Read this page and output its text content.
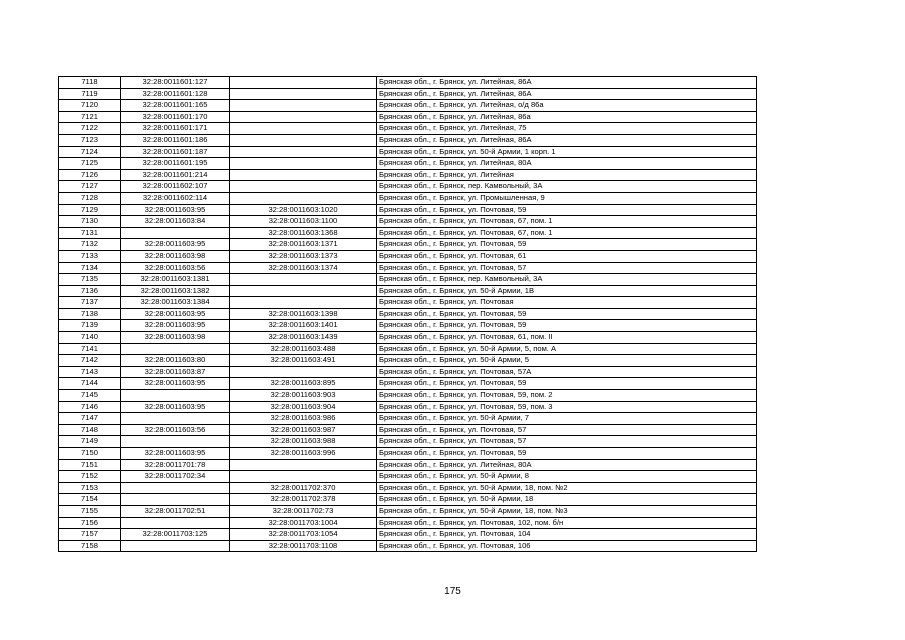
7118	32:28:0011601:127		Брянская обл., г. Брянск, ул. Литейная, 86А
7119	32:28:0011601:128		Брянская обл., г. Брянск, ул. Литейная, 86А
7120	32:28:0011601:165		Брянская обл., г. Брянск, ул. Литейная, о/д 86а
7121	32:28:0011601:170		Брянская обл., г. Брянск, ул. Литейная, 86а
7122	32:28:0011601:171		Брянская обл., г. Брянск, ул. Литейная, 75
7123	32:28:0011601:186		Брянская обл., г. Брянск, ул. Литейная, 86А
7124	32:28:0011601:187		Брянская обл., г. Брянск, ул. 50-й Армии, 1 корп. 1
7125	32:28:0011601:195		Брянская обл., г. Брянск, ул. Литейная, 80А
7126	32:28:0011601:214		Брянская обл., г. Брянск, ул. Литейная
7127	32:28:0011602:107		Брянская обл., г. Брянск, пер. Камвольный, 3А
7128	32:28:0011602:114		Брянская обл., г. Брянск, ул. Промышленная, 9
7129	32:28:0011603:95	32:28:0011603:1020	Брянская обл., г. Брянск, ул. Почтовая, 59
7130	32:28:0011603:84	32:28:0011603:1100	Брянская обл., г. Брянск, ул. Почтовая, 67, пом. 1
7131		32:28:0011603:1368	Брянская обл., г. Брянск, ул. Почтовая, 67, пом. 1
7132	32:28:0011603:95	32:28:0011603:1371	Брянская обл., г. Брянск, ул. Почтовая, 59
7133	32:28:0011603:98	32:28:0011603:1373	Брянская обл., г. Брянск, ул. Почтовая, 61
7134	32:28:0011603:56	32:28:0011603:1374	Брянская обл., г. Брянск, ул. Почтовая, 57
7135	32:28:0011603:1381		Брянская обл., г. Брянск, пер. Камвольный, 3А
7136	32:28:0011603:1382		Брянская обл., г. Брянск, ул. 50-й Армии, 1В
7137	32:28:0011603:1384		Брянская обл., г. Брянск, ул. Почтовая
7138	32:28:0011603:95	32:28:0011603:1398	Брянская обл., г. Брянск, ул. Почтовая, 59
7139	32:28:0011603:95	32:28:0011603:1401	Брянская обл., г. Брянск, ул. Почтовая, 59
7140	32:28:0011603:98	32:28:0011603:1439	Брянская обл., г. Брянск, ул. Почтовая, 61, пом. II
7141		32:28:0011603:488	Брянская обл., г. Брянск, ул. 50-й Армии, 5, пом. А
7142	32:28:0011603:80	32:28:0011603:491	Брянская обл., г. Брянск, ул. 50-й Армии, 5
7143	32:28:0011603:87		Брянская обл., г. Брянск, ул. Почтовая, 57А
7144	32:28:0011603:95	32:28:0011603:895	Брянская обл., г. Брянск, ул. Почтовая, 59
7145		32:28:0011603:903	Брянская обл., г. Брянск, ул. Почтовая, 59, пом. 2
7146	32:28:0011603:95	32:28:0011603:904	Брянская обл., г. Брянск, ул. Почтовая, 59, пом. 3
7147		32:28:0011603:986	Брянская обл., г. Брянск, ул. 50-й Армии, 7
7148	32:28:0011603:56	32:28:0011603:987	Брянская обл., г. Брянск, ул. Почтовая, 57
7149		32:28:0011603:988	Брянская обл., г. Брянск, ул. Почтовая, 57
7150	32:28:0011603:95	32:28:0011603:996	Брянская обл., г. Брянск, ул. Почтовая, 59
7151	32:28:0011701:78		Брянская обл., г. Брянск, ул. Литейная, 80А
7152	32:28:0011702:34		Брянская обл., г. Брянск, ул. 50-й Армии, 8
7153		32:28:0011702:370	Брянская обл., г. Брянск, ул. 50-й Армии, 18, пом. №2
7154		32:28:0011702:378	Брянская обл., г. Брянск, ул. 50-й Армии, 18
7155	32:28:0011702:51	32:28:0011702:73	Брянская обл., г. Брянск, ул. 50-й Армии, 18, пом. №3
7156		32:28:0011703:1004	Брянская обл., г. Брянск, ул. Почтовая, 102, пом. б/н
7157	32:28:0011703:125	32:28:0011703:1054	Брянская обл., г. Брянск, ул. Почтовая, 104
7158		32:28:0011703:1108	Брянская обл., г. Брянск, ул. Почтовая, 106
175
